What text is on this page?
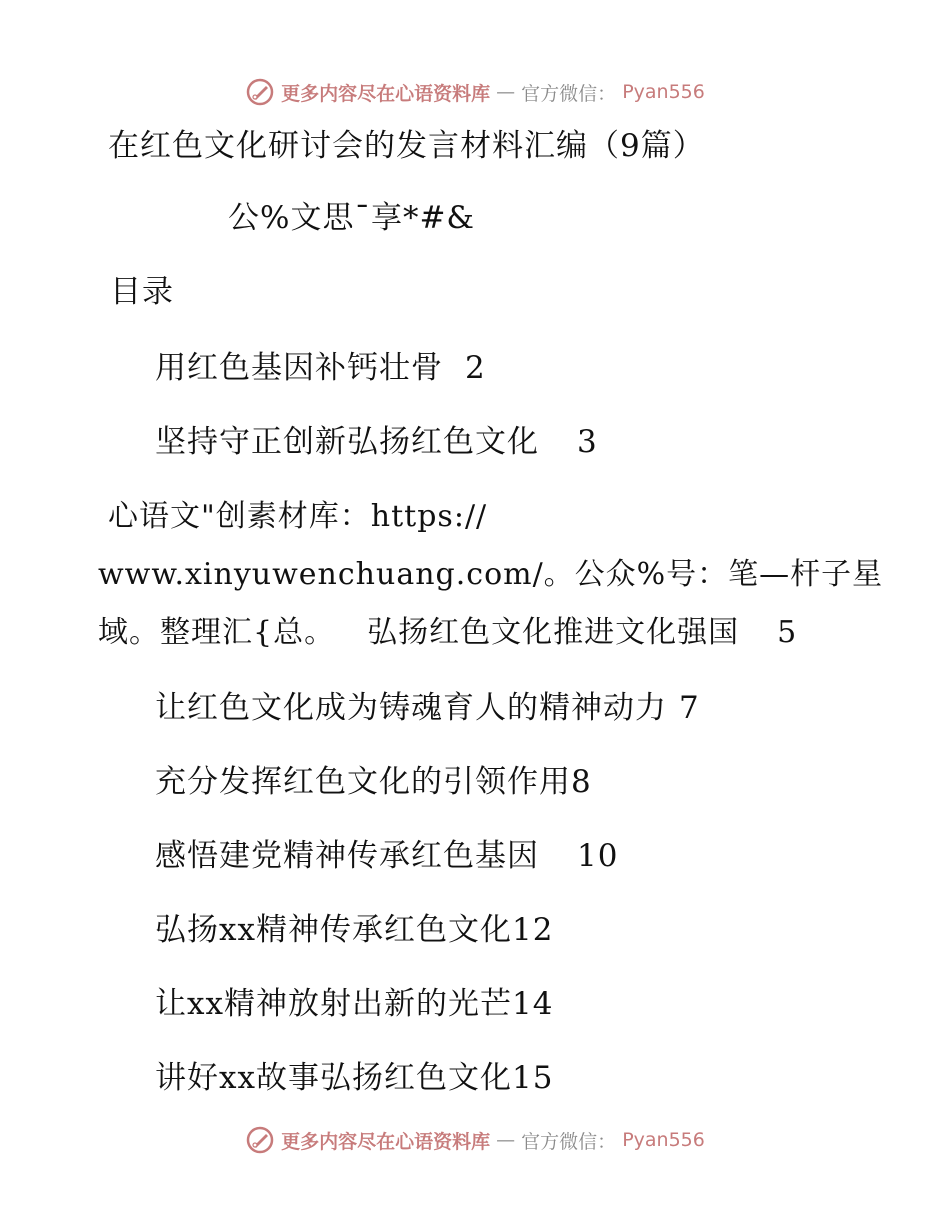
更多内容尽在心语资料库 — 官方微信： Pyan556
在红色文化研讨会的发言材料汇编（9篇）
公%文思¯享*#&
目录
用红色基因补钙壮骨 2
坚持守正创新弘扬红色文化 3
心语文"创素材库：https://
www.xinyuwenchuang.com/。公众%号：笔—杆子星
域。整理汇{总。 弘扬红色文化推进文化强国 5
让红色文化成为铸魂育人的精神动力 7
充分发挥红色文化的引领作用8
感悟建党精神传承红色基因 10
弘扬xx精神传承红色文化12
让xx精神放射出新的光芒14
讲好xx故事弘扬红色文化15
更多内容尽在心语资料库 — 官方微信： Pyan556
